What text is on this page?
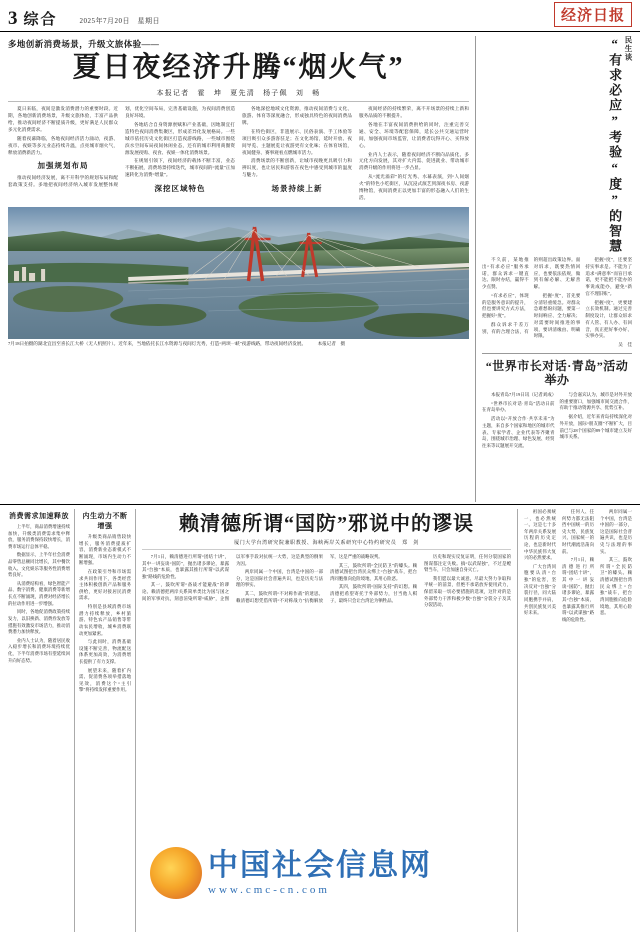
3 综合	2025年7月20日　星期日	经济日报
多地创新消费场景，升级文旅体验——
夏日夜经济升腾“烟火气”
本报记者　霍　坤　夏先清　杨子佩　刘　畅

夏日来临，夜间是激发消费潜力的重要时段。近期，各地创新消费场景，升级文旅体验，丰富产品供给，推动夜间经济不断提质升级，更好满足人民群众多元化消费需求。

随着夜幕降临，各地夜间经济活力涌动，夜游、夜市、夜娱等多元业态持续升温，点亮城市烟火气，释放消费新活力。

加强规划布局

推动夜间经济发展，离不开科学的规划布局和配套政策支持。多地把夜间经济纳入城市发展整体规划，优化空间布局，完善基础设施，为夜间消费创造良好环境。

各地结合自身资源禀赋和产业基础，因地制宜打造特色夜间消费集聚区，形成差异化发展格局。一些城市依托历史文化街区打造夜游线路，一些城市围绕滨水空间布局夜间休闲业态，还有的城市利用商圈资源发展夜购、夜食、夜娱一体化消费场景。

在规划引领下，夜间经济的载体不断丰富，业态不断拓展，消费场景持续迭代，城市夜间的“流量”正加速转化为消费“增量”。

深挖区域特色

各地深挖地域文化资源，推动夜间消费与文化、旅游、体育等深度融合，形成独具特色的夜间消费品牌。

在特色街区，非遗展示、民俗表演、手工体验等项目吸引众多游客驻足；在文化场馆，延时开放、夜间导览、主题展览让夜游更有文化味；在体育场馆，夜间健身、赛事观看点燃城市活力。

消费场景的不断创新，让城市夜晚更具吸引力和辨识度，也让居民和游客在夜色中感受到城市的温度与魅力。

场景持续上新

夜间经济的持续繁荣，离不开场景的持续上新和服务品质的不断提升。

各地在丰富夜间消费供给的同时，注重完善交通、安全、环境等配套保障，延长公共交通运营时间，加强夜间市场监管，让消费者玩得开心、买得放心。

业内人士表示，随着夜间经济不断向品质化、多元化方向发展，其对扩大内需、促进就业、带动城市消费升级的作用将进一步凸显。

从“流光溢彩”的灯光秀、水幕表演，到“人间烟火”的特色小吃街区，从沉浸式演艺到深夜书房、夜游博物馆，夜间消费正以更加丰富的形态融入人们的生活。

7月18日拍摄的湖北宜昌至喜长江大桥（无人机照片）。近年来，当地依托长江水资源与夜间灯光秀，打造“两坝一峡”夜游线路，带动夜间经济发展。　　　本报记者　摄
“有求必应”考验“度”的智慧 民生谈

不久前，某地推出“有求必应”服务承诺，群众诉求一键直达、限时办结，赢得不少点赞。

“有求必应”，体现的是服务意识的提升，但也要讲究方式方法，把握好“度”。

群众诉求千差万别，有的合理合法，有的则超出政策边界。面对诉求，既要热情回应，也要依法依规，做到有解必解、无解善解。

把握“度”，首先要分清轻重缓急。对群众急难愁盼问题，要第一时间响应、全力解决；对需要时间推进的事项，要讲清缘由、明确时限。

把握“度”，还要坚持实事求是。不能为了追求“满意率”而盲目承诺，更不能把不能办的事说成能办，避免“新官不理旧账”。

把握“度”，更要建立长效机制。通过完善制度设计，让群众诉求有人管、有人办、有回音，真正把好事办好、实事办实。

吴　佳
“世界市长对话·青岛”活动举办

本报青岛7月19日讯（记者刘成）

“世界市长对话·青岛”活动日前在青岛举办。

活动以“开放合作·共享未来”为主题，来自多个国家和地区的城市代表、专家学者、企业代表等齐聚青岛，围绕城市治理、绿色发展、经贸往来等议题展开交流。

与会嘉宾认为，城市是对外开放的重要窗口，加强城市间交流合作，有助于推动资源共享、优势互补。

据介绍，近年来青岛持续深化对外开放，国际“朋友圈”不断扩大，目前已与28个国家的89个城市建立友好城市关系。

消费需求加速释放

上半年，商品消费增速持续加快，升级类消费需求集中释放，服务消费保持较快增长，消费市场运行总体平稳。

数据显示，上半年社会消费品零售总额同比增长，其中餐饮收入、文化娱乐等服务性消费增势良好。

从消费结构看，绿色智能产品、数字消费、健康消费等新增长点不断涌现，消费对经济增长的拉动作用进一步增强。

同时，各地促消费政策持续发力，以旧换新、消费券发放等措施有效激发市场活力，推动消费潜力加快释放。

业内人士认为，随着居民收入稳步增长和消费环境持续优化，下半年消费市场有望延续回升向好态势。

内生动力不断增强

升级类商品销售较快增长，服务消费提质扩容，消费新业态新模式不断涌现，市场内生动力不断增强。

在政策引导和市场需求共同作用下，各类经营主体积极创新产品和服务供给，更好对接居民消费需求。

特别是县域消费市场潜力持续释放，乡村旅游、特色农产品销售等带动农民增收，城乡消费联动更加紧密。

与此同时，消费基础设施不断完善，物流配送体系更加高效，为消费增长提供了有力支撑。

展望未来，随着扩内需、促消费各项举措落地见效，消费这个“主引擎”将持续发挥重要作用。

赖清德所谓“国防”邪说中的谬误
厦门大学台湾研究院兼职教授、海峡两岸关系研究中心特约研究员　郑　剑

7月1日，赖清德进行所谓“团结十讲”，其中一讲妄谈“国防”，抛出诸多谬论，暴露其“台独”本质，也暴露其推行所谓“以武谋独”路线的危险性。

其一，鼓吹所谓“备战才能避战”的谬论。赖清德把两岸关系简单类比为国与国之间的军事对抗，刻意渲染所谓“威胁”，企图以军事手段对抗统一大势，这是典型的倒果为因。

两岸同属一个中国，台湾是中国的一部分，这是国际社会普遍共识，也是历史与法理的事实。

其二，鼓吹所谓“不对称作战”的迷思。赖清德幻想凭借所谓“不对称战力”抗衡解放军，这是严重的战略误判。

其三，鼓吹所谓“全民防卫”的噱头。赖清德试图把台湾民众绑上“台独”战车，把台湾同胞推向危险境地，其用心险恶。

其四，鼓吹所谓“国际支持”的幻想。赖清德把希望寄托于外部势力，甘当他人棋子，最终只会让台湾沦为牺牲品。

历史和现实反复证明，任何分裂国家的图谋都注定失败。搞“以武谋独”，不过是螳臂当车，只会加速自身灭亡。

我们愿以最大诚意、尽最大努力争取和平统一的前景，但绝不承诺放弃使用武力，保留采取一切必要措施的选项，这针对的是外部势力干涉和极少数“台独”分裂分子及其分裂活动。

祖国必须统一，也必然统一。这是七十多年两岸关系发展历程的历史定论，也是新时代中华民族伟大复兴的必然要求。

广大台湾同胞要认清“台独”的危害，坚决反对“台独”分裂行径，同大陆同胞携手并肩，共创民族复兴美好未来。

任何人、任何势力都无法阻挡中国统一的历史大势，民族复兴、国家统一的时代潮流浩荡向前。

7月1日，赖清德进行所谓“团结十讲”，其中一讲妄谈“国防”，抛出诸多谬论，暴露其“台独”本质，也暴露其推行所谓“以武谋独”路线的危险性。

两岸同属一个中国，台湾是中国的一部分，这是国际社会普遍共识，也是历史与法理的事实。

其三，鼓吹所谓“全民防卫”的噱头。赖清德试图把台湾民众绑上“台独”战车，把台湾同胞推向危险境地，其用心险恶。

中国社会信息网
www.cmc-cn.com
